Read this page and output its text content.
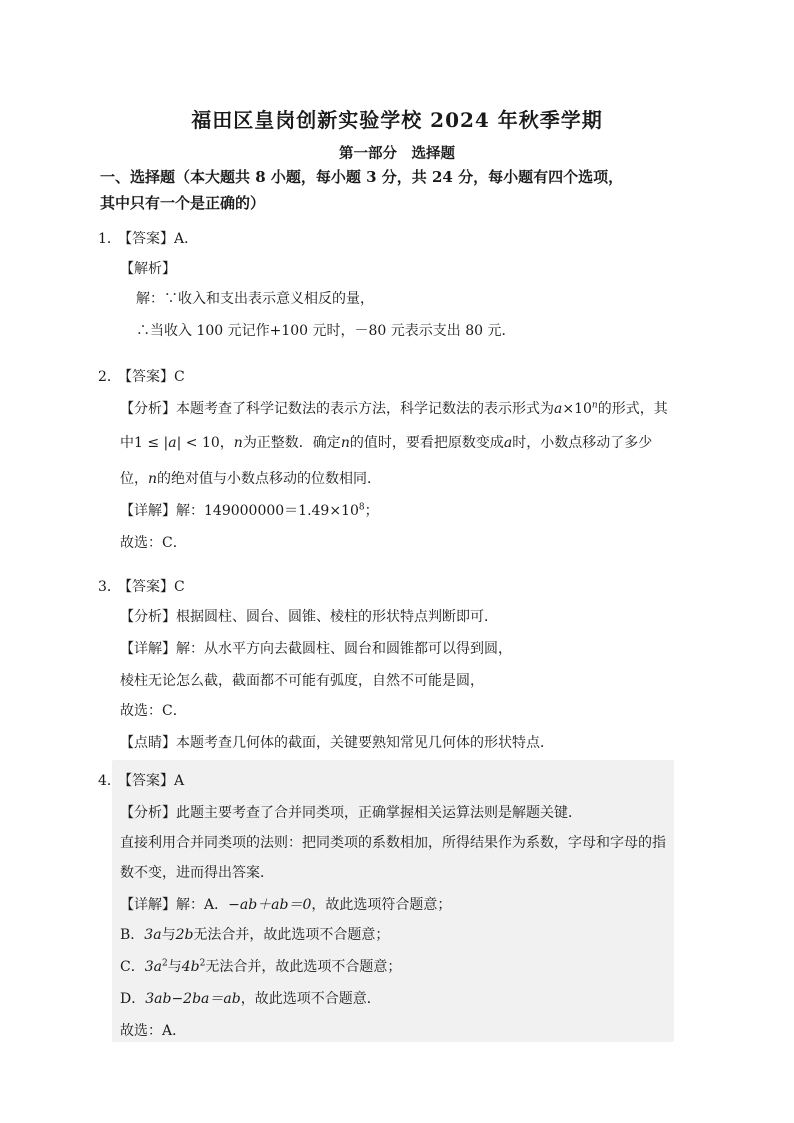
福田区皇岗创新实验学校 2024 年秋季学期
第一部分　选择题
一、选择题（本大题共 8 小题，每小题 3 分，共 24 分，每小题有四个选项，
其中只有一个是正确的）
1．
【答案】A．
【解析】
解：∵收入和支出表示意义相反的量，
∴当收入 100 元记作+100 元时，－80 元表示支出 80 元．
2．
【答案】C
【分析】本题考查了科学记数法的表示方法，科学记数法的表示形式为$a\times 10^n$的形式，其
中1 ≤ |a| < 10，n为正整数．确定n的值时，要看把原数变成a时，小数点移动了多少
位，n的绝对值与小数点移动的位数相同．
【详解】解：$149000000=1.49\times 10^8$；
故选：C．
3．
【答案】C
【分析】根据圆柱、圆台、圆锥、棱柱的形状特点判断即可．
【详解】解：从水平方向去截圆柱、圆台和圆锥都可以得到圆，
棱柱无论怎么截，截面都不可能有弧度，自然不可能是圆，
故选：C．
【点睛】本题考查几何体的截面，关键要熟知常见几何体的形状特点．
4．
【答案】A
【分析】此题主要考查了合并同类项，正确掌握相关运算法则是解题关键．
直接利用合并同类项的法则：把同类项的系数相加，所得结果作为系数，字母和字母的指
数不变，进而得出答案．
【详解】解：A．−ab＋ab＝0，故此选项符合题意；
B．3a与2b无法合并，故此选项不合题意；
C．$3a^2$与$4b^2$无法合并，故此选项不合题意；
D．3ab−2ba＝ab，故此选项不合题意．
故选：A．
